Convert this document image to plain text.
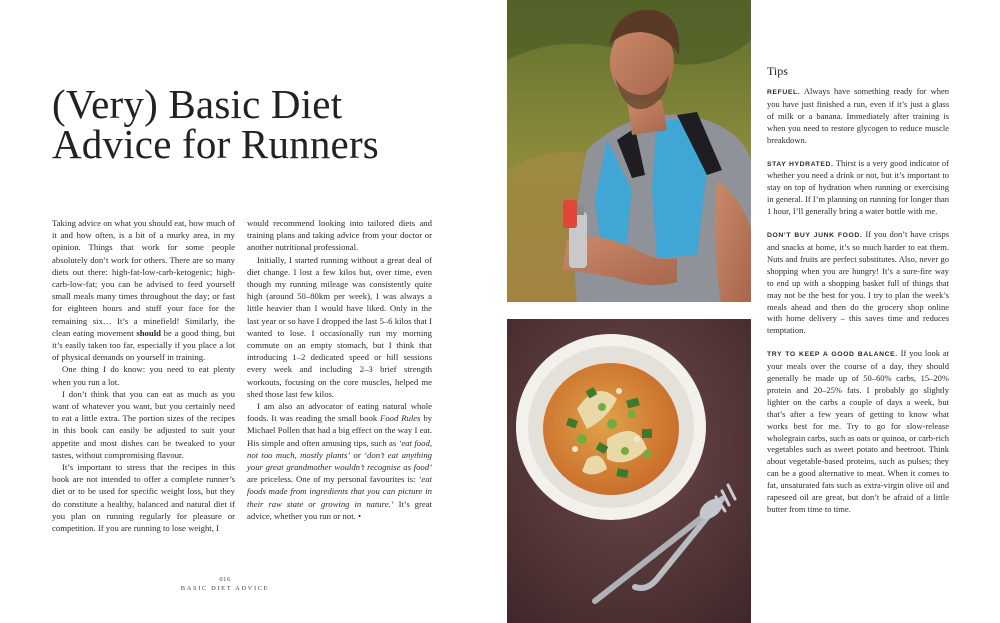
(Very) Basic Diet
Advice for Runners

Taking advice on what you should eat, how much of it and how often, is a bit of a murky area, in my opinion. Things that work for some people absolutely don’t work for others. There are so many diets out there: high-fat-low-carb-ketogenic; high-carb-low-fat; you can be advised to feed yourself small meals many times throughout the day; or fast for eighteen hours and stuff your face for the remaining six… It’s a minefield! Similarly, the clean eating movement should be a good thing, but it’s easily taken too far, especially if you place a lot of physical demands on yourself in training.

One thing I do know: you need to eat plenty when you run a lot.

I don’t think that you can eat as much as you want of whatever you want, but you certainly need to eat a little extra. The portion sizes of the recipes in this book can easily be adjusted to suit your appetite and most dishes can be tweaked to your tastes, without compromising flavour.

It’s important to stress that the recipes in this book are not intended to offer a complete runner’s diet or to be used for specific weight loss, but they do constitute a healthy, balanced and natural diet if you plan on running regularly for pleasure or competition. If you are running to lose weight, I

would recommend looking into tailored diets and training plans and taking advice from your doctor or another nutritional professional.

Initially, I started running without a great deal of diet change. I lost a few kilos but, over time, even though my running mileage was consistently quite high (around 50–80km per week), I was always a little heavier than I would have liked. Only in the last year or so have I dropped the last 5–6 kilos that I wanted to lose. I occasionally run my morning commute on an empty stomach, but I think that introducing 1–2 dedicated speed or hill sessions every week and including 2–3 brief strength workouts, focusing on the core muscles, helped me shed those last few kilos.

I am also an advocator of eating natural whole foods. It was reading the small book Food Rules by Michael Pollen that had a big effect on the way I eat. His simple and often amusing tips, such as ‘eat food, not too much, mostly plants’ or ‘don’t eat anything your great grandmother wouldn’t recognise as food’ are priceless. One of my personal favourites is: ‘eat foods made from ingredients that you can picture in their raw state or growing in nature.’ It’s great advice, whether you run or not. •

016
BASIC DIET ADVICE
Tips

REFUEL. Always have something ready for when you have just finished a run, even if it’s just a glass of milk or a banana. Immediately after training is when you need to restore glycogen to reduce muscle breakdown.

STAY HYDRATED. Thirst is a very good indicator of whether you need a drink or not, but it’s important to stay on top of hydration when running or exercising in general. If I’m planning on running for longer than 1 hour, I’ll generally bring a water bottle with me.

DON’T BUY JUNK FOOD. If you don’t have crisps and snacks at home, it’s so much harder to eat them. Nuts and fruits are perfect substitutes. Also, never go shopping when you are hungry! It’s a sure-fire way to end up with a shopping basket full of things that may not be the best for you. I try to plan the week’s meals ahead and then do the grocery shop online with home delivery – this saves time and reduces temptation.

TRY TO KEEP A GOOD BALANCE. If you look at your meals over the course of a day, they should generally be made up of 50–60% carbs, 15–20% protein and 20–25% fats. I probably go slightly lighter on the carbs a couple of days a week, but that’s after a few years of getting to know what works best for me. Try to go for slow-release wholegrain carbs, such as oats or quinoa, or carb-rich vegetables such as sweet potato and beetroot. Think about vegetable-based proteins, such as pulses; they can be a good alternative to meat. When it comes to fat, unsaturated fats such as extra-virgin olive oil and rapeseed oil are great, but don’t be afraid of a little butter from time to time.
